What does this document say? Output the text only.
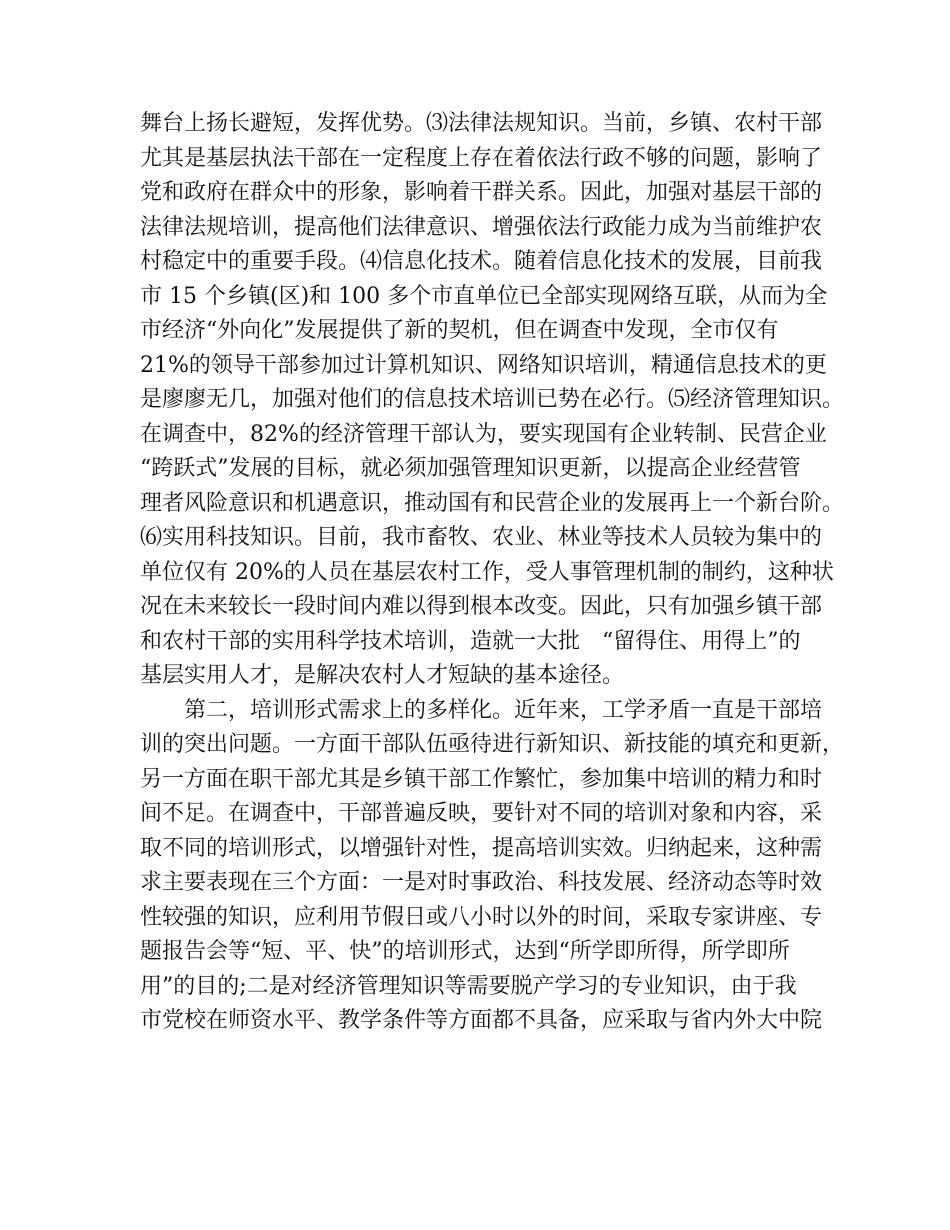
舞台上扬长避短，发挥优势。⑶法律法规知识。当前，乡镇、农村干部
尤其是基层执法干部在一定程度上存在着依法行政不够的问题，影响了
党和政府在群众中的形象，影响着干群关系。因此，加强对基层干部的
法律法规培训，提高他们法律意识、增强依法行政能力成为当前维护农
村稳定中的重要手段。⑷信息化技术。随着信息化技术的发展，目前我
市 15 个乡镇(区)和 100 多个市直单位已全部实现网络互联，从而为全
市经济“外向化”发展提供了新的契机，但在调查中发现，全市仅有
21%的领导干部参加过计算机知识、网络知识培训，精通信息技术的更
是廖廖无几，加强对他们的信息技术培训已势在必行。⑸经济管理知识。
在调查中，82%的经济管理干部认为，要实现国有企业转制、民营企业
“跨跃式”发展的目标，就必须加强管理知识更新，以提高企业经营管
理者风险意识和机遇意识，推动国有和民营企业的发展再上一个新台阶。
⑹实用科技知识。目前，我市畜牧、农业、林业等技术人员较为集中的
单位仅有 20%的人员在基层农村工作，受人事管理机制的制约，这种状
况在未来较长一段时间内难以得到根本改变。因此，只有加强乡镇干部
和农村干部的实用科学技术培训，造就一大批　“留得住、用得上”的
基层实用人才，是解决农村人才短缺的基本途径。
第二，培训形式需求上的多样化。近年来，工学矛盾一直是干部培
训的突出问题。一方面干部队伍亟待进行新知识、新技能的填充和更新，
另一方面在职干部尤其是乡镇干部工作繁忙，参加集中培训的精力和时
间不足。在调查中，干部普遍反映，要针对不同的培训对象和内容，采
取不同的培训形式，以增强针对性，提高培训实效。归纳起来，这种需
求主要表现在三个方面：一是对时事政治、科技发展、经济动态等时效
性较强的知识，应利用节假日或八小时以外的时间，采取专家讲座、专
题报告会等“短、平、快”的培训形式，达到“所学即所得，所学即所
用”的目的;二是对经济管理知识等需要脱产学习的专业知识，由于我
市党校在师资水平、教学条件等方面都不具备，应采取与省内外大中院
